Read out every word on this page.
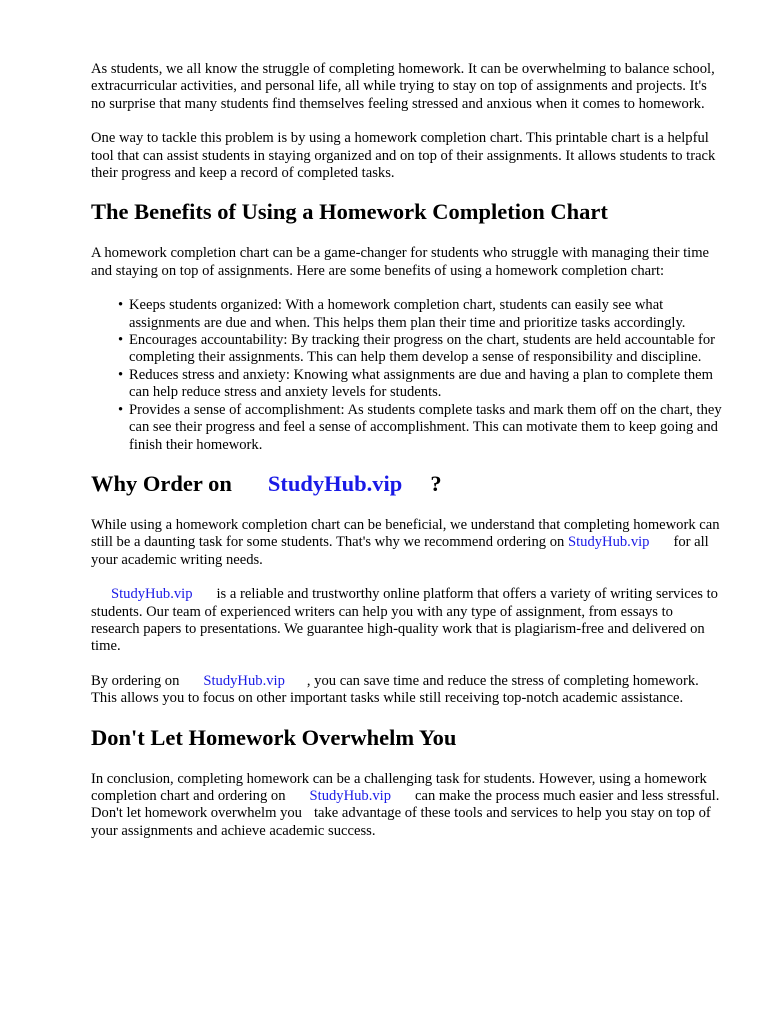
As students, we all know the struggle of completing homework. It can be overwhelming to balance school, extracurricular activities, and personal life, all while trying to stay on top of assignments and projects. It's no surprise that many students find themselves feeling stressed and anxious when it comes to homework.

One way to tackle this problem is by using a homework completion chart. This printable chart is a helpful tool that can assist students in staying organized and on top of their assignments. It allows students to track their progress and keep a record of completed tasks.

The Benefits of Using a Homework Completion Chart

A homework completion chart can be a game-changer for students who struggle with managing their time and staying on top of assignments. Here are some benefits of using a homework completion chart:

• Keeps students organized: With a homework completion chart, students can easily see what assignments are due and when. This helps them plan their time and prioritize tasks accordingly.
• Encourages accountability: By tracking their progress on the chart, students are held accountable for completing their assignments. This can help them develop a sense of responsibility and discipline.
• Reduces stress and anxiety: Knowing what assignments are due and having a plan to complete them can help reduce stress and anxiety levels for students.
• Provides a sense of accomplishment: As students complete tasks and mark them off on the chart, they can see their progress and feel a sense of accomplishment. This can motivate them to keep going and finish their homework.
Why Order on StudyHub.vip ?

While using a homework completion chart can be beneficial, we understand that completing homework can still be a daunting task for some students. That's why we recommend ordering on StudyHub.vip for all your academic writing needs.

StudyHub.vip is a reliable and trustworthy online platform that offers a variety of writing services to students. Our team of experienced writers can help you with any type of assignment, from essays to research papers to presentations. We guarantee high-quality work that is plagiarism-free and delivered on time.

By ordering on StudyHub.vip , you can save time and reduce the stress of completing homework. This allows you to focus on other important tasks while still receiving top-notch academic assistance.

Don't Let Homework Overwhelm You

In conclusion, completing homework can be a challenging task for students. However, using a homework completion chart and ordering on StudyHub.vip can make the process much easier and less stressful. Don't let homework overwhelm you take advantage of these tools and services to help you stay on top of your assignments and achieve academic success.
